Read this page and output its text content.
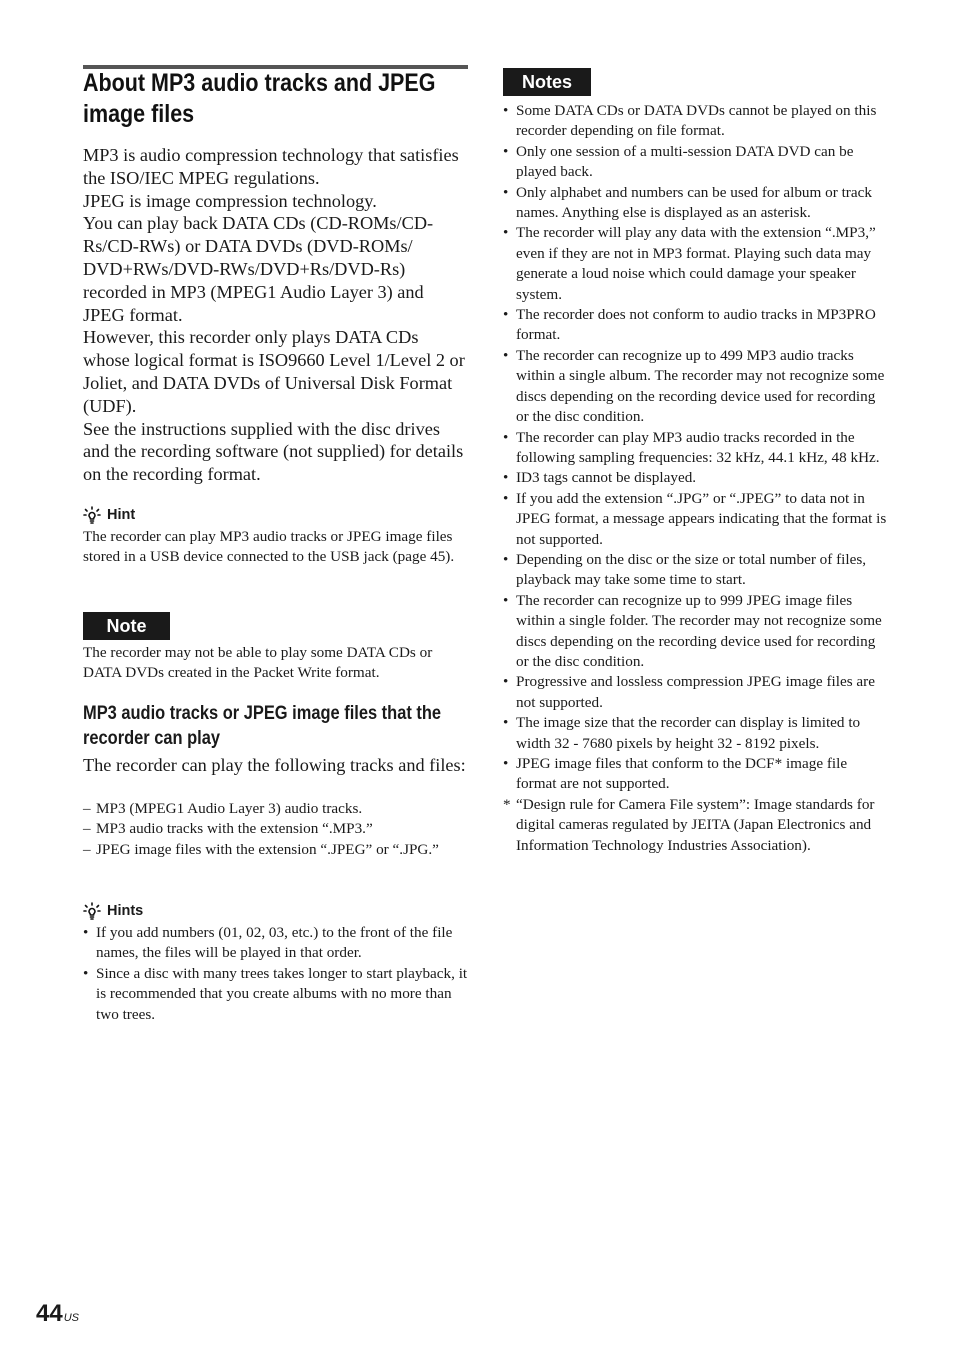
About MP3 audio tracks and JPEG image files

MP3 is audio compression technology that satisfies the ISO/IEC MPEG regulations.

JPEG is image compression technology.

You can play back DATA CDs (CD-ROMs/CD-Rs/CD-RWs) or DATA DVDs (DVD-ROMs/ DVD+RWs/DVD-RWs/DVD+Rs/DVD-Rs) recorded in MP3 (MPEG1 Audio Layer 3) and JPEG format.

However, this recorder only plays DATA CDs whose logical format is ISO9660 Level 1/Level 2 or Joliet, and DATA DVDs of Universal Disk Format (UDF).

See the instructions supplied with the disc drives and the recording software (not supplied) for details on the recording format.

Hint

The recorder can play MP3 audio tracks or JPEG image files stored in a USB device connected to the USB jack (page 45).

Note

The recorder may not be able to play some DATA CDs or DATA DVDs created in the Packet Write format.

MP3 audio tracks or JPEG image files that the recorder can play

The recorder can play the following tracks and files:

– MP3 (MPEG1 Audio Layer 3) audio tracks.
– MP3 audio tracks with the extension “.MP3.”
– JPEG image files with the extension “.JPEG” or “.JPG.”
Hints
• If you add numbers (01, 02, 03, etc.) to the front of the file names, the files will be played in that order.
• Since a disc with many trees takes longer to start playback, it is recommended that you create albums with no more than two trees.
Notes
• Some DATA CDs or DATA DVDs cannot be played on this recorder depending on file format.
• Only one session of a multi-session DATA DVD can be played back.
• Only alphabet and numbers can be used for album or track names. Anything else is displayed as an asterisk.
• The recorder will play any data with the extension “.MP3,” even if they are not in MP3 format. Playing such data may generate a loud noise which could damage your speaker system.
• The recorder does not conform to audio tracks in MP3PRO format.
• The recorder can recognize up to 499 MP3 audio tracks within a single album. The recorder may not recognize some discs depending on the recording device used for recording or the disc condition.
• The recorder can play MP3 audio tracks recorded in the following sampling frequencies: 32 kHz, 44.1 kHz, 48 kHz.
• ID3 tags cannot be displayed.
• If you add the extension “.JPG” or “.JPEG” to data not in JPEG format, a message appears indicating that the format is not supported.
• Depending on the disc or the size or total number of files, playback may take some time to start.
• The recorder can recognize up to 999 JPEG image files within a single folder. The recorder may not recognize some discs depending on the recording device used for recording or the disc condition.
• Progressive and lossless compression JPEG image files are not supported.
• The image size that the recorder can display is limited to width 32 - 7680 pixels by height 32 - 8192 pixels.
• JPEG image files that conform to the DCF* image file format are not supported.
* “Design rule for Camera File system”: Image standards for digital cameras regulated by JEITA (Japan Electronics and Information Technology Industries Association).
$44^{US}$
